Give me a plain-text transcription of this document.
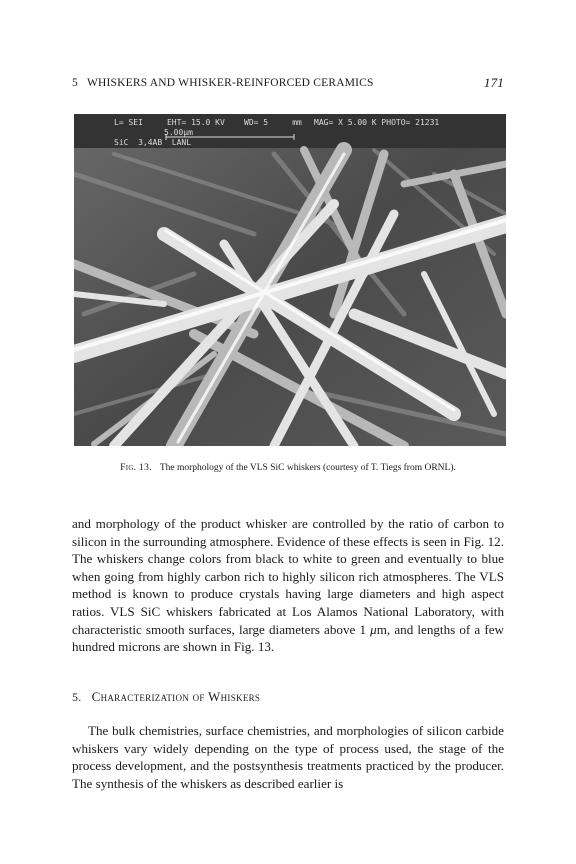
5   WHISKERS AND WHISKER-REINFORCED CERAMICS	171
L= SEI     EHT= 15.0 KV    WD= 5     mm MAG= X 5.00 K PHOTO= 21231
5.00µm
SiC  3,4AB  LANL
Fig. 13. The morphology of the VLS SiC whiskers (courtesy of T. Tiegs from ORNL).
and morphology of the product whisker are controlled by the ratio of carbon to silicon in the surrounding atmosphere. Evidence of these effects is seen in Fig. 12. The whiskers change colors from black to white to green and eventually to blue when going from highly carbon rich to highly silicon rich atmospheres. The VLS method is known to produce crystals having large diameters and high aspect ratios. VLS SiC whiskers fabricated at Los Alamos National Laboratory, with characteristic smooth surfaces, large diameters above 1 μm, and lengths of a few hundred microns are shown in Fig. 13.
5. Characterization of Whiskers
The bulk chemistries, surface chemistries, and morphologies of silicon carbide whiskers vary widely depending on the type of process used, the stage of the process development, and the postsynthesis treatments practiced by the producer. The synthesis of the whiskers as described earlier is
